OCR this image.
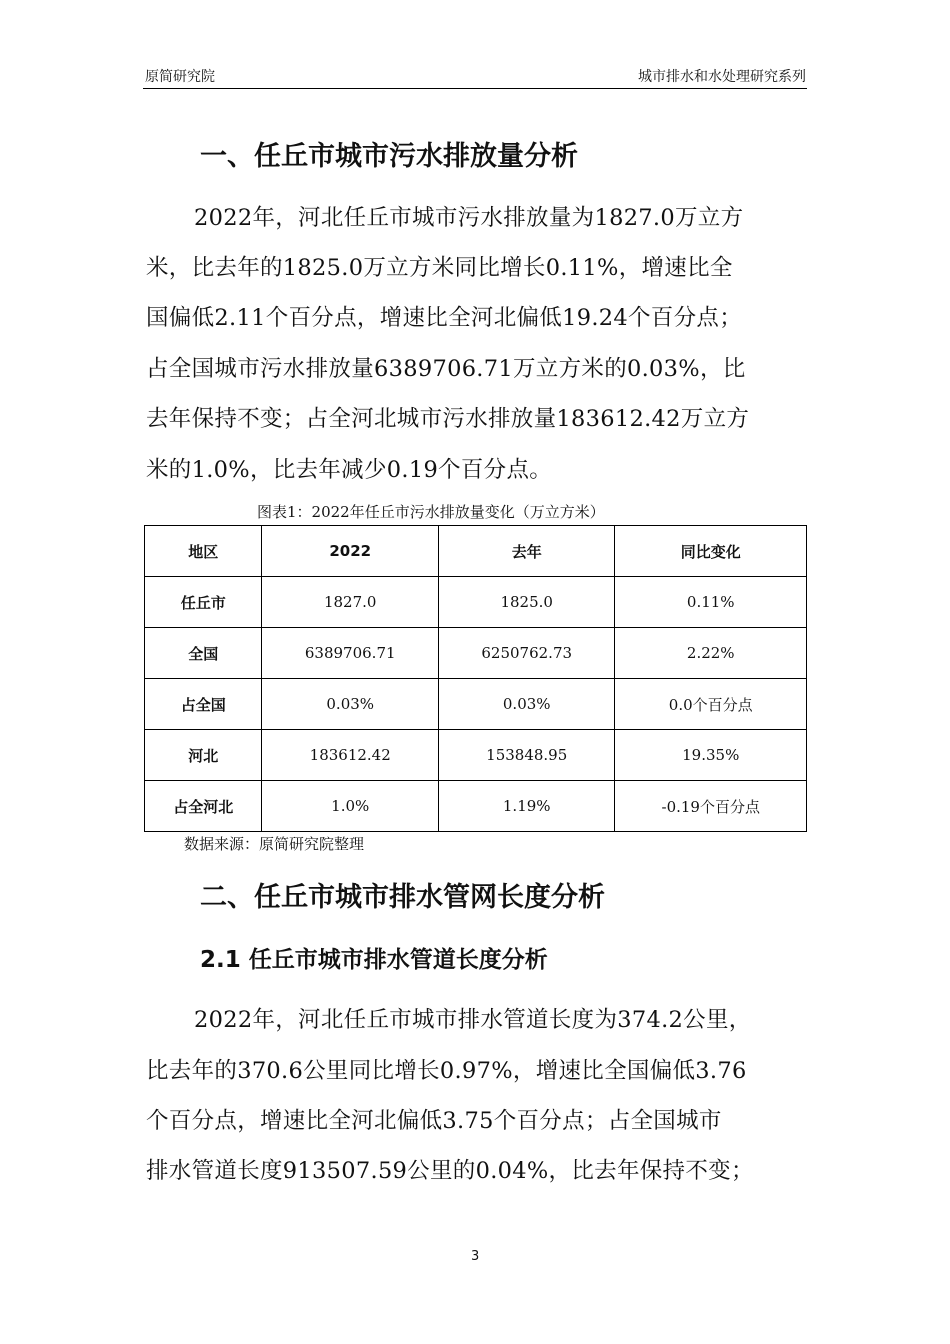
原简研究院	城市排水和水处理研究系列
一、任丘市城市污水排放量分析
2022年，河北任丘市城市污水排放量为1827.0万立方
米，比去年的1825.0万立方米同比增长0.11%，增速比全
国偏低2.11个百分点，增速比全河北偏低19.24个百分点；
占全国城市污水排放量6389706.71万立方米的0.03%，比
去年保持不变；占全河北城市污水排放量183612.42万立方
米的1.0%，比去年减少0.19个百分点。
图表1：2022年任丘市污水排放量变化（万立方米）
地区	2022	去年	同比变化
任丘市	1827.0	1825.0	0.11%
全国	6389706.71	6250762.73	2.22%
占全国	0.03%	0.03%	0.0个百分点
河北	183612.42	153848.95	19.35%
占全河北	1.0%	1.19%	-0.19个百分点
数据来源：原简研究院整理
二、任丘市城市排水管网长度分析
2.1 任丘市城市排水管道长度分析
2022年，河北任丘市城市排水管道长度为374.2公里，
比去年的370.6公里同比增长0.97%，增速比全国偏低3.76
个百分点，增速比全河北偏低3.75个百分点；占全国城市
排水管道长度913507.59公里的0.04%，比去年保持不变；
3
